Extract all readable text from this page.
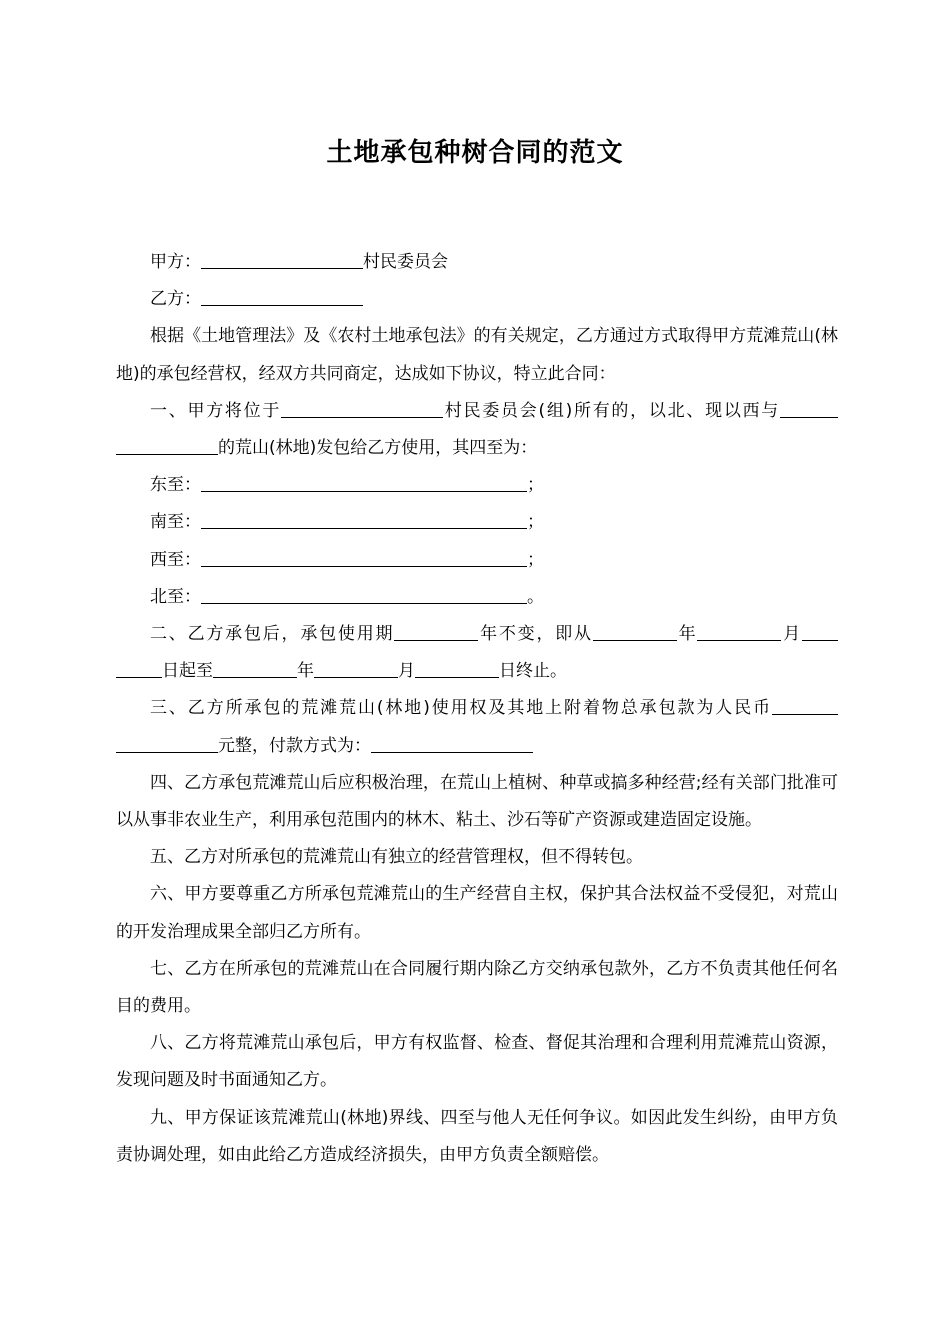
土地承包种树合同的范文

甲方：	村民委员会

乙方：

根据《土地管理法》及《农村土地承包法》的有关规定，乙方通过方式取得甲方荒滩荒山(林地)的承包经营权，经双方共同商定，达成如下协议，特立此合同：

一、甲方将位于	村民委员会(组)所有的，以北、现以西与的荒山(林地)发包给乙方使用，其四至为：

东至：	；

南至：	；

西至：	；

北至：	。

二、乙方承包后，承包使用期	年不变，即从	年	月日起至	年	月	日终止。

三、乙方所承包的荒滩荒山(林地)使用权及其地上附着物总承包款为人民币元整，付款方式为：

四、乙方承包荒滩荒山后应积极治理，在荒山上植树、种草或搞多种经营;经有关部门批准可以从事非农业生产，利用承包范围内的林木、粘土、沙石等矿产资源或建造固定设施。

五、乙方对所承包的荒滩荒山有独立的经营管理权，但不得转包。

六、甲方要尊重乙方所承包荒滩荒山的生产经营自主权，保护其合法权益不受侵犯，对荒山的开发治理成果全部归乙方所有。

七、乙方在所承包的荒滩荒山在合同履行期内除乙方交纳承包款外，乙方不负责其他任何名目的费用。

八、乙方将荒滩荒山承包后，甲方有权监督、检查、督促其治理和合理利用荒滩荒山资源，发现问题及时书面通知乙方。

九、甲方保证该荒滩荒山(林地)界线、四至与他人无任何争议。如因此发生纠纷，由甲方负责协调处理，如由此给乙方造成经济损失，由甲方负责全额赔偿。
